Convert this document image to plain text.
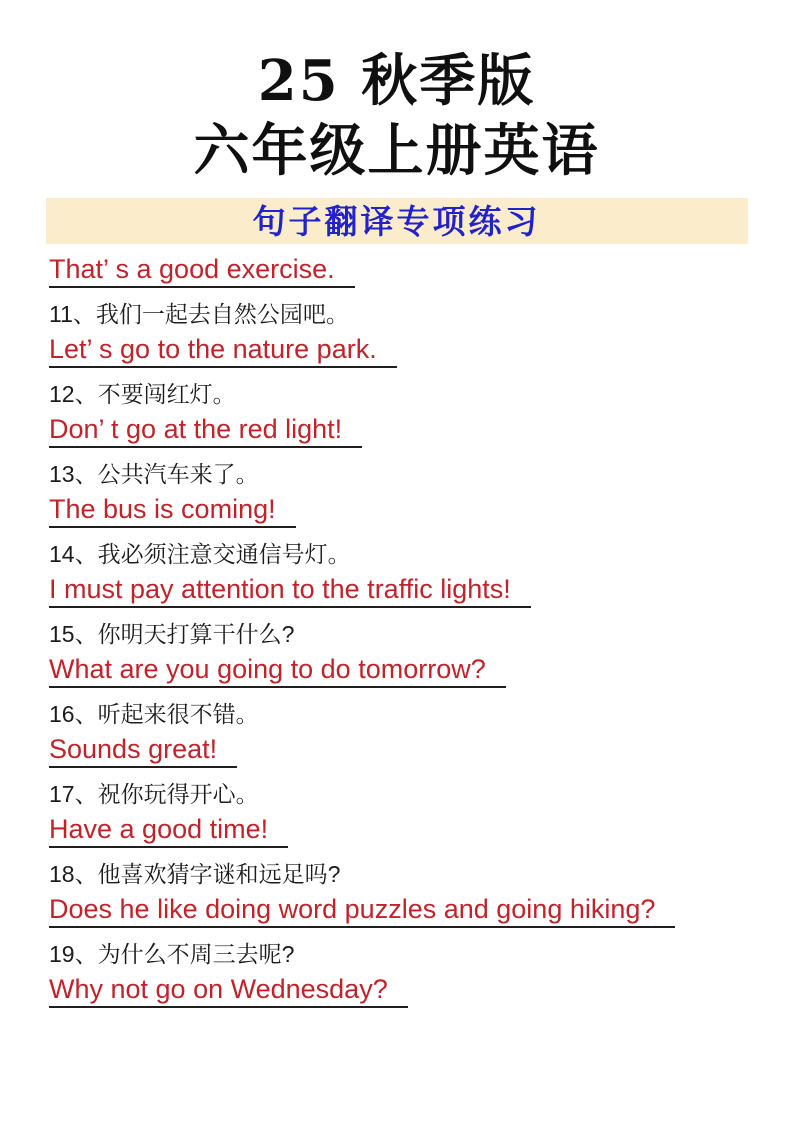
25 秋季版
六年级上册英语
句子翻译专项练习
That’ s a good exercise.
11、我们一起去自然公园吧。
Let’ s go to the nature park.
12、不要闯红灯。
Don’ t go at the red light!
13、公共汽车来了。
The bus is coming!
14、我必须注意交通信号灯。
I must pay attention to the traffic lights!
15、你明天打算干什么?
What are you going to do tomorrow?
16、听起来很不错。
Sounds great!
17、祝你玩得开心。
Have a good time!
18、他喜欢猜字谜和远足吗?
Does he like doing word puzzles and going hiking?
19、为什么不周三去呢?
Why not go on Wednesday?
